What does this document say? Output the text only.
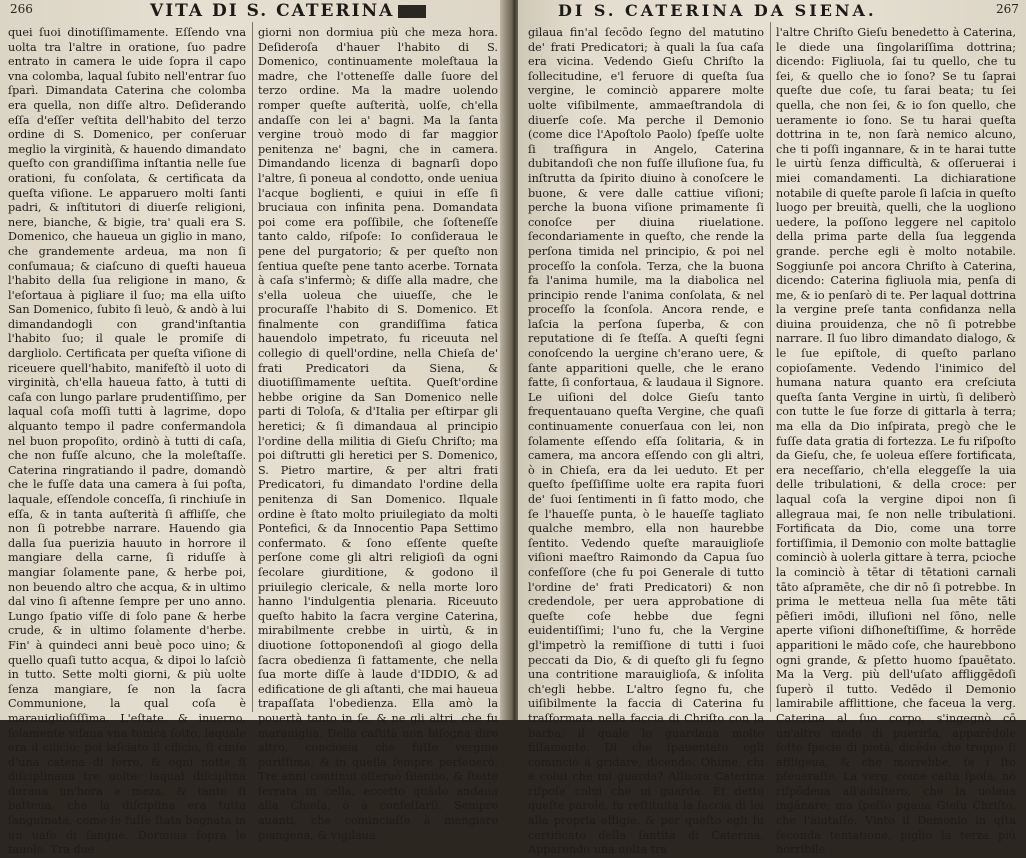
266	VITA DI S. CATERINA

quei ſuoi dinotiſſimamente. Eſſendo vna uolta tra l'altre in oratione, ſuo padre entrato in camera le uide ſopra il capo vna colomba, laqual ſubito nell'entrar ſuo ſparì. Dimandata Caterina che colomba era quella, non diſſe altro. Deſiderando eſſa d'eſſer veſtita dell'habito del terzo ordine di S. Domenico, per conſeruar meglio la virginità, & hauendo dimandato queſto con grandiſſima inſtantia nelle ſue orationi, fu conſolata, & certificata da queſta viſione. Le apparuero molti ſanti padri, & inſtitutori di diuerſe religioni, nere, bianche, & bigie, tra' quali era S. Domenico, che haueua un giglio in mano, che grandemente ardeua, ma non ſi conſumaua; & ciaſcuno di queſti haueua l'habito della ſua religione in mano, & l'eſortaua à pigliare il ſuo; ma ella uiſto San Domenico, ſubito ſi leuò, & andò à lui dimandandogli con grand'inſtantia l'habito ſuo; il quale le promiſe di dargliolo. Certificata per queſta viſione di riceuere quell'habito, manifeſtò il uoto di virginità, ch'ella haueua fatto, à tutti di caſa con lungo parlare prudentiſſimo, per laqual coſa moſſi tutti à lagrime, dopo alquanto tempo il padre confermandola nel buon propoſito, ordinò à tutti di caſa, che non fuſſe alcuno, che la moleſtaſſe. Caterina ringratiando il padre, domandò che le fuſſe data una camera à ſui poſta, laquale, eſſendole conceſſa, ſi rinchiuſe in eſſa, & in tanta auſterità ſi affliſſe, che non ſi potrebbe narrare. Hauendo gia dalla ſua puerizia hauuto in horrore il mangiare della carne, ſi riduſſe à mangiar ſolamente pane, & herbe poi, non beuendo altro che acqua, & in ultimo dal vino ſi aſtenne ſempre per uno anno. Lungo ſpatio viſſe di ſolo pane & herbe crude, & in ultimo ſolamente d'herbe. Fin' à quindeci anni beuè poco uino; & quello quaſi tutto acqua, & dipoi lo laſciò in tutto. Sette molti giorni, & più uolte ſenza mangiare, ſe non la ſacra Communione, la qual coſa è marauiglioſiſſima. L'eſtate, & inuerno, ſolamente viſaua vna tonica ſotto, laquale era il cilicio; poi laſciato il cilicio, ſi cinſe d'una catena di ferro, & ogni notte ſi diſciplinaua tre uolte: laqual diſciplina duraua un'hora e meza, & tanto ſi batteua, che la diſciplina era tutta ſanguinata, come ſe fuſſe ſtata bagnata in un uaſo di ſangue. Dormiua ſopra le tauole. Tra due

giorni non dormiua più che meza hora. Deſideroſa d'hauer l'habito di S. Domenico, continuamente moleſtaua la madre, che l'otteneſſe dalle ſuore del terzo ordine. Ma la madre uolendo romper queſte auſterità, uolſe, ch'ella andaſſe con lei a' bagni. Ma la ſanta vergine trouò modo di far maggior penitenza ne' bagni, che in camera. Dimandando licenza di bagnarſi dopo l'altre, ſi poneua al condotto, onde ueniua l'acque boglienti, e quiui in eſſe ſi bruciaua con infinita pena. Domandata poi come era poſſibile, che ſoſteneſſe tanto caldo, riſpoſe: Io conſideraua le pene del purgatorio; & per queſto non ſentiua queſte pene tanto acerbe. Tornata à caſa s'infermò; & diſſe alla madre, che s'ella uoleua che uiueſſe, che le procuraſſe l'habito di S. Domenico. Et finalmente con grandiſſima fatica hauendolo impetrato, fu riceuuta nel collegio di quell'ordine, nella Chieſa de' frati Predicatori da Siena, & diuotiſſimamente ueſtita. Queſt'ordine hebbe origine da San Domenico nelle parti di Toloſa, & d'Italia per eſtirpar gli heretici; & ſi dimandaua al principio l'ordine della militia di Gieſu Chriſto; ma poi diſtrutti gli heretici per S. Domenico, S. Pietro martire, & per altri frati Predicatori, fu dimandato l'ordine della penitenza di San Domenico. Ilquale ordine è ſtato molto priuilegiato da molti Pontefici, & da Innocentio Papa Settimo confermato. & ſono eſſente queſte perſone come gli altri religioſi da ogni ſecolare giurditione, & godono il priuilegio clericale, & nella morte loro hanno l'indulgentia plenaria. Riceuuto queſto habito la ſacra vergine Caterina, mirabilmente crebbe in uirtù, & in diuotione ſottoponendoſi al giogo della ſacra obedienza ſi fattamente, che nella ſua morte diſſe à laude d'IDDIO, & ad edificatione de gli aſtanti, che mai haueua trapaſſata l'obedienza. Ella amò la pouertà tanto in ſe, & ne gli altri, che fu marauiglia. Della caſtità non biſogna dire altro, conciosia che fuſſe vergine puriſſima, & in quella ſempre perſeuerò. Tre anni continui oſſeruò ſilentio, & ſtette ſerrata in cella, eccetto quādo andaua alla Chieſa, ò à confeſſarſi. Sempre auanti, che cominciaſſe à mangiare piangena, & vigilaua

DI S. CATERINA DA SIENA.	267

gilaua fin'al ſecōdo ſegno del matutino de' frati Predicatori; à quali la ſua caſa era vicina. Vedendo Gieſu Chriſto la ſollecitudine, e'l feruore di queſta ſua vergine, le cominciò apparere molte uolte viſibilmente, ammaeſtrandola di diuerſe coſe. Ma perche il Demonio (come dice l'Apoſtolo Paolo) ſpeſſe uolte ſi traſfigura in Angelo, Caterina dubitandoſi che non fuſſe illuſione ſua, fu inſtrutta da ſpirito diuino à conoſcere le buone, & vere dalle cattiue viſioni; perche la buona viſione primamente ſi conoſce per diuina riuelatione. ſecondariamente in queſto, che rende la perſona timida nel principio, & poi nel proceſſo la conſola. Terza, che la buona fa l'anima humile, ma la diabolica nel principio rende l'anima conſolata, & nel proceſſo la ſconſola. Ancora rende, e laſcia la perſona ſuperba, & con reputatione di ſe ſteſſa. A queſti ſegni conoſcendo la uergine ch'erano uere, & ſante apparitioni quelle, che le erano fatte, ſi confortaua, & laudaua il Signore. Le uiſioni del dolce Gieſu tanto frequentauano queſta Vergine, che quaſi continuamente conuerſaua con lei, non ſolamente eſſendo eſſa ſolitaria, & in camera, ma ancora eſſendo con gli altri, ò in Chieſa, era da lei ueduto. Et per queſto ſpeſſiſſime uolte era rapita fuori de' ſuoi ſentimenti in ſi fatto modo, che ſe l'haueſſe punta, ò le haueſſe tagliato qualche membro, ella non haurebbe ſentito. Vedendo queſte marauiglioſe viſioni maeſtro Raimondo da Capua ſuo confeſſore (che fu poi Generale di tutto l'ordine de' frati Predicatori) & non credendole, per uera approbatione di queſte coſe hebbe due ſegni euidentiſſimi; l'uno fu, che la Vergine gl'impetrò la remiſſione di tutti i ſuoi peccati da Dio, & di queſto gli fu ſegno una contritione marauiglioſa, & inſolita ch'egli hebbe. L'altro ſegno fu, che uiſibilmente la faccia di Caterina fu traſformata nella faccia di Chriſto con la barba; il quale lo guardaua molto fiſſamente. Di che ſpauentato egli cominciò à gridare, dicendo: Ohime, chi e colui che mi guarda? Allhora Caterina riſpoſe colui che ui guarda. Et detto queſte parole, fu reſtituita la faccia di lei alla propria effigie, & per queſto egli fu certificato della ſantità di Caterina. Apparendo una uolta tra

l'altre Chriſto Gieſu benedetto à Caterina, le diede una ſingolariſſima dottrina; dicendo: Figliuola, ſai tu quello, che tu ſei, & quello che io ſono? Se tu ſaprai queſte due coſe, tu ſarai beata; tu ſei quella, che non ſei, & io ſon quello, che ueramente io ſono. Se tu harai queſta dottrina in te, non ſarà nemico alcuno, che ti poſſi ingannare, & in te harai tutte le uirtù ſenza difficultà, & oſſeruerai i miei comandamenti. La dichiaratione notabile di queſte parole ſi laſcia in queſto luogo per breuità, quelli, che la uogliono uedere, la poſſono leggere nel capitolo della prima parte della ſua leggenda grande. perche egli è molto notabile. Soggiunſe poi ancora Chriſto à Caterina, dicendo: Caterina figliuola mia, penſa di me, & io penſarò di te. Per laqual dottrina la vergine preſe tanta confidanza nella diuina prouidenza, che nō ſi potrebbe narrare. Il ſuo libro dimandato dialogo, & le ſue epiſtole, di queſto parlano copioſamente. Vedendo l'inimico del humana natura quanto era creſciuta queſta ſanta Vergine in uirtù, ſi deliberò con tutte le ſue forze di gittarla à terra; ma ella da Dio inſpirata, pregò che le fuſſe data gratia di fortezza. Le fu riſpoſto da Gieſu, che, ſe uoleua eſſere fortificata, era neceſſario, ch'ella eleggeſſe la uia delle tribulationi, & della croce: per laqual coſa la vergine dipoi non ſi allegraua mai, ſe non nelle tribulationi. Fortificata da Dio, come una torre fortiſſimia, il Demonio con molte battaglie cominciò à uolerla gittare à terra, pcioche la cominciò à tētar di tētationi carnali tāto aſpramēte, che dir nō ſi potrebbe. In prima le metteua nella ſua mēte tāti pēſieri imōdi, illuſioni nel ſōno, nelle aperte viſioni diſhoneſtiſſime, & horrēde apparitioni le mādo coſe, che haurebbono ogni grande, & pſetto huomo ſpauētato. Ma la Verg. più dell'uſato affliggēdoſi ſuperò il tutto. Vedēdo il Demonio lamirabile afflittione, che faceua la verg. Caterina al ſuo corpo, s'ingegnò cō un'altro modo di puerirla, apparēdole ſotto ſpecie di pietà, dicēdo che troppo ſi affligeua, & che morrebbe, ſe i ſto pſeueraſſe. La verg. come caſta ſpoſa, nō riſpōdeua all'adultero, che la uoleua ingānare; ma ſpeſſo pgaua Gieſu Chriſto, che l'aiutaſſe. Vinto il Demonio in qſta ſeconda tentatione, piglio la terza più horribile
